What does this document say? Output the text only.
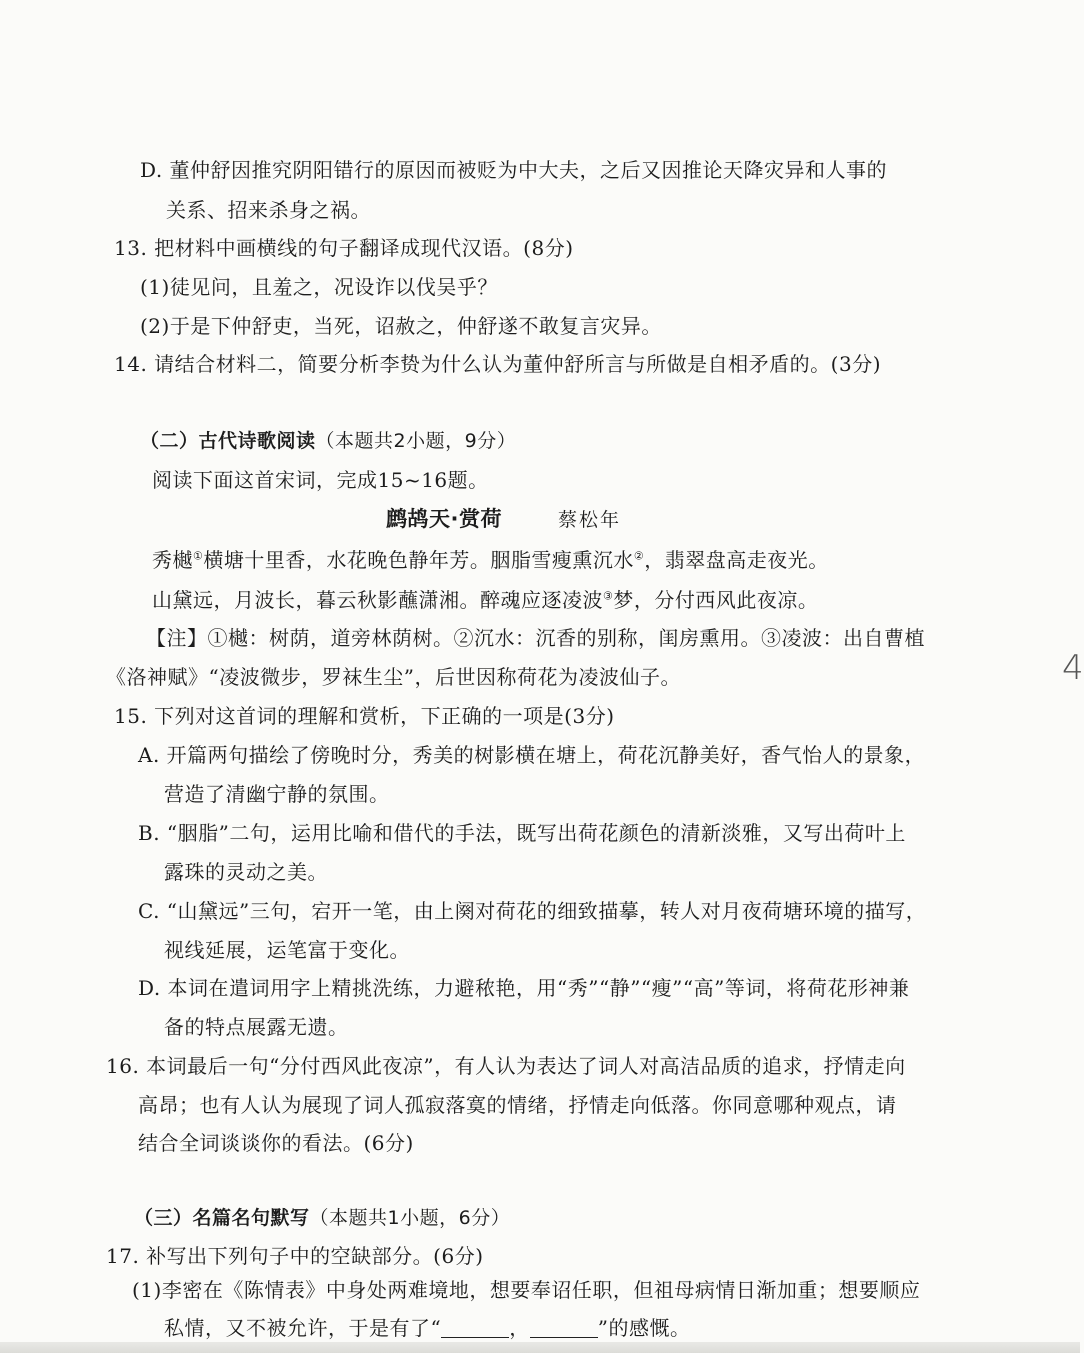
D. 董仲舒因推究阴阳错行的原因而被贬为中大夫，之后又因推论天降灾异和人事的
关系、招来杀身之祸。
13. 把材料中画横线的句子翻译成现代汉语。(8分)
(1)徒见问，且羞之，况设诈以伐吴乎？
(2)于是下仲舒吏，当死，诏赦之，仲舒遂不敢复言灾异。
14. 请结合材料二，简要分析李贽为什么认为董仲舒所言与所做是自相矛盾的。(3分)
（二）古代诗歌阅读（本题共2小题，9分）
阅读下面这首宋词，完成15~16题。
鹧鸪天·赏荷	蔡松年
秀樾①横塘十里香，水花晚色静年芳。胭脂雪瘦熏沉水②，翡翠盘高走夜光。
山黛远，月波长，暮云秋影蘸潇湘。醉魂应逐凌波③梦，分付西风此夜凉。
【注】①樾：树荫，道旁林荫树。②沉水：沉香的别称，闺房熏用。③凌波：出自曹植
《洛神赋》“凌波微步，罗袜生尘”，后世因称荷花为凌波仙子。
15. 下列对这首词的理解和赏析，下正确的一项是(3分)
A. 开篇两句描绘了傍晚时分，秀美的树影横在塘上，荷花沉静美好，香气怡人的景象，
营造了清幽宁静的氛围。
B. “胭脂”二句，运用比喻和借代的手法，既写出荷花颜色的清新淡雅，又写出荷叶上
露珠的灵动之美。
C. “山黛远”三句，宕开一笔，由上阕对荷花的细致描摹，转人对月夜荷塘环境的描写，
视线延展，运笔富于变化。
D. 本词在遣词用字上精挑洗练，力避秾艳，用“秀”“静”“瘦”“高”等词，将荷花形神兼
备的特点展露无遗。
16. 本词最后一句“分付西风此夜凉”，有人认为表达了词人对高洁品质的追求，抒情走向
高昂；也有人认为展现了词人孤寂落寞的情绪，抒情走向低落。你同意哪种观点，请
结合全词谈谈你的看法。(6分)
（三）名篇名句默写（本题共1小题，6分）
17. 补写出下列句子中的空缺部分。(6分)
(1)李密在《陈情表》中身处两难境地，想要奉诏任职，但祖母病情日渐加重；想要顺应
私情，又不被允许，于是有了“	，	”的感慨。
4
